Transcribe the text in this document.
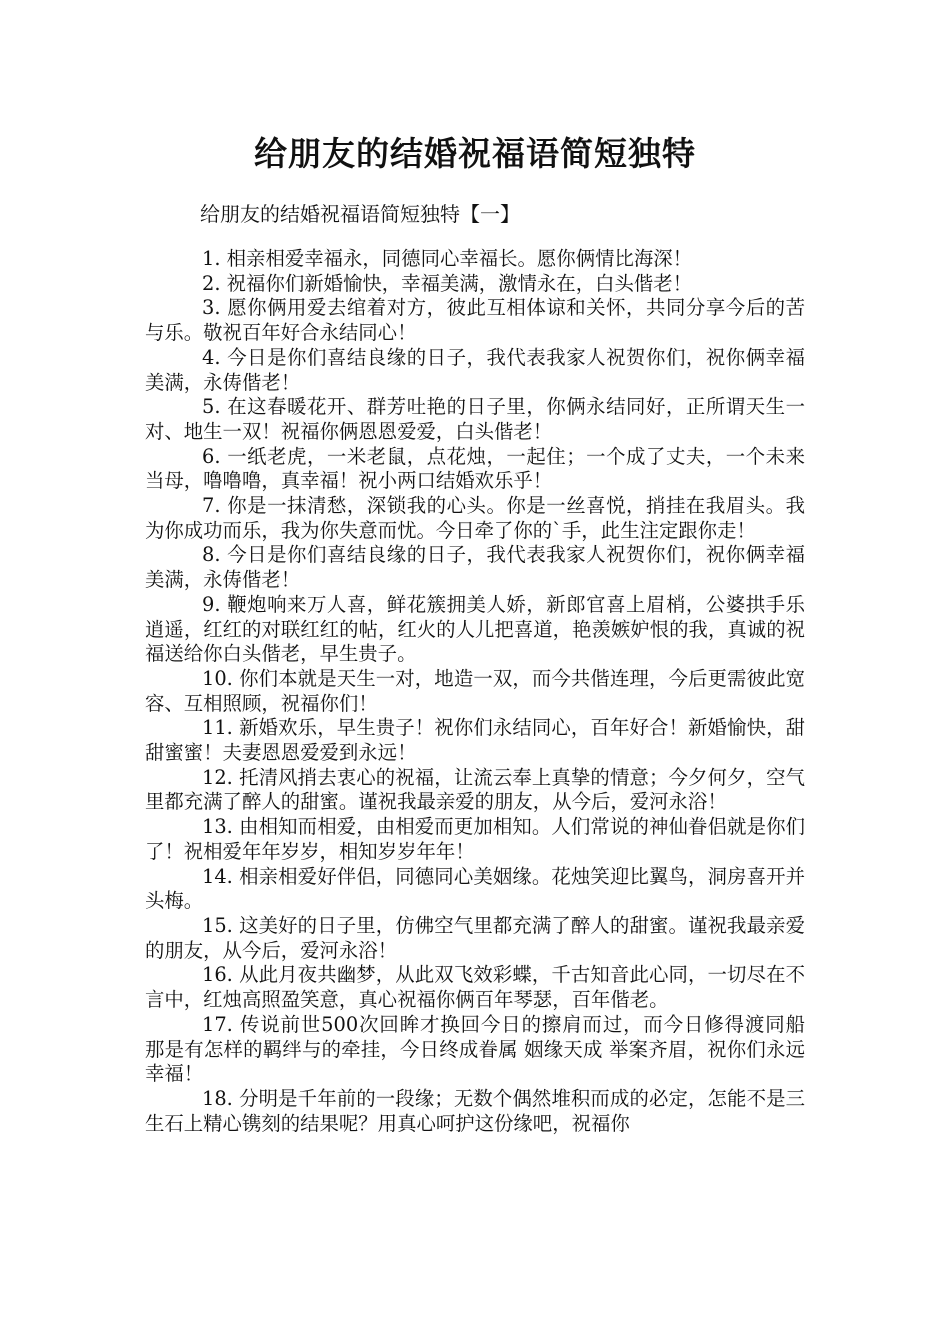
给朋友的结婚祝福语简短独特
给朋友的结婚祝福语简短独特【一】

1. 相亲相爱幸福永，同德同心幸福长。愿你俩情比海深！

2. 祝福你们新婚愉快，幸福美满，激情永在，白头偕老！

3. 愿你俩用爱去绾着对方，彼此互相体谅和关怀，共同分享今后的苦与乐。敬祝百年好合永结同心！

4. 今日是你们喜结良缘的日子，我代表我家人祝贺你们，祝你俩幸福美满，永俦偕老！

5. 在这春暖花开、群芳吐艳的日子里，你俩永结同好，正所谓天生一对、地生一双！祝福你俩恩恩爱爱，白头偕老！

6. 一纸老虎，一米老鼠，点花烛，一起住；一个成了丈夫，一个未来当母，噜噜噜，真幸福！祝小两口结婚欢乐乎！

7. 你是一抹清愁，深锁我的心头。你是一丝喜悦，捎挂在我眉头。我为你成功而乐，我为你失意而忧。今日牵了你的`手，此生注定跟你走！

8. 今日是你们喜结良缘的日子，我代表我家人祝贺你们，祝你俩幸福美满，永俦偕老！

9. 鞭炮响来万人喜，鲜花簇拥美人娇，新郎官喜上眉梢，公婆拱手乐逍遥，红红的对联红红的帖，红火的人儿把喜道，艳羡嫉妒恨的我，真诚的祝福送给你白头偕老，早生贵子。

10. 你们本就是天生一对，地造一双，而今共偕连理，今后更需彼此宽容、互相照顾，祝福你们！

11. 新婚欢乐，早生贵子！祝你们永结同心，百年好合！新婚愉快，甜甜蜜蜜！夫妻恩恩爱爱到永远！

12. 托清风捎去衷心的祝福，让流云奉上真挚的情意；今夕何夕，空气里都充满了醉人的甜蜜。谨祝我最亲爱的朋友，从今后，爱河永浴！

13. 由相知而相爱，由相爱而更加相知。人们常说的神仙眷侣就是你们了！祝相爱年年岁岁，相知岁岁年年！

14. 相亲相爱好伴侣，同德同心美姻缘。花烛笑迎比翼鸟，洞房喜开并头梅。

15. 这美好的日子里，仿佛空气里都充满了醉人的甜蜜。谨祝我最亲爱的朋友，从今后，爱河永浴！

16. 从此月夜共幽梦，从此双飞效彩蝶，千古知音此心同，一切尽在不言中，红烛高照盈笑意，真心祝福你俩百年琴瑟，百年偕老。

17. 传说前世500次回眸才换回今日的擦肩而过，而今日修得渡同船 那是有怎样的羁绊与的牵挂，今日终成眷属 姻缘天成 举案齐眉，祝你们永远幸福！

18. 分明是千年前的一段缘；无数个偶然堆积而成的必定，怎能不是三生石上精心镌刻的结果呢？用真心呵护这份缘吧，祝福你
